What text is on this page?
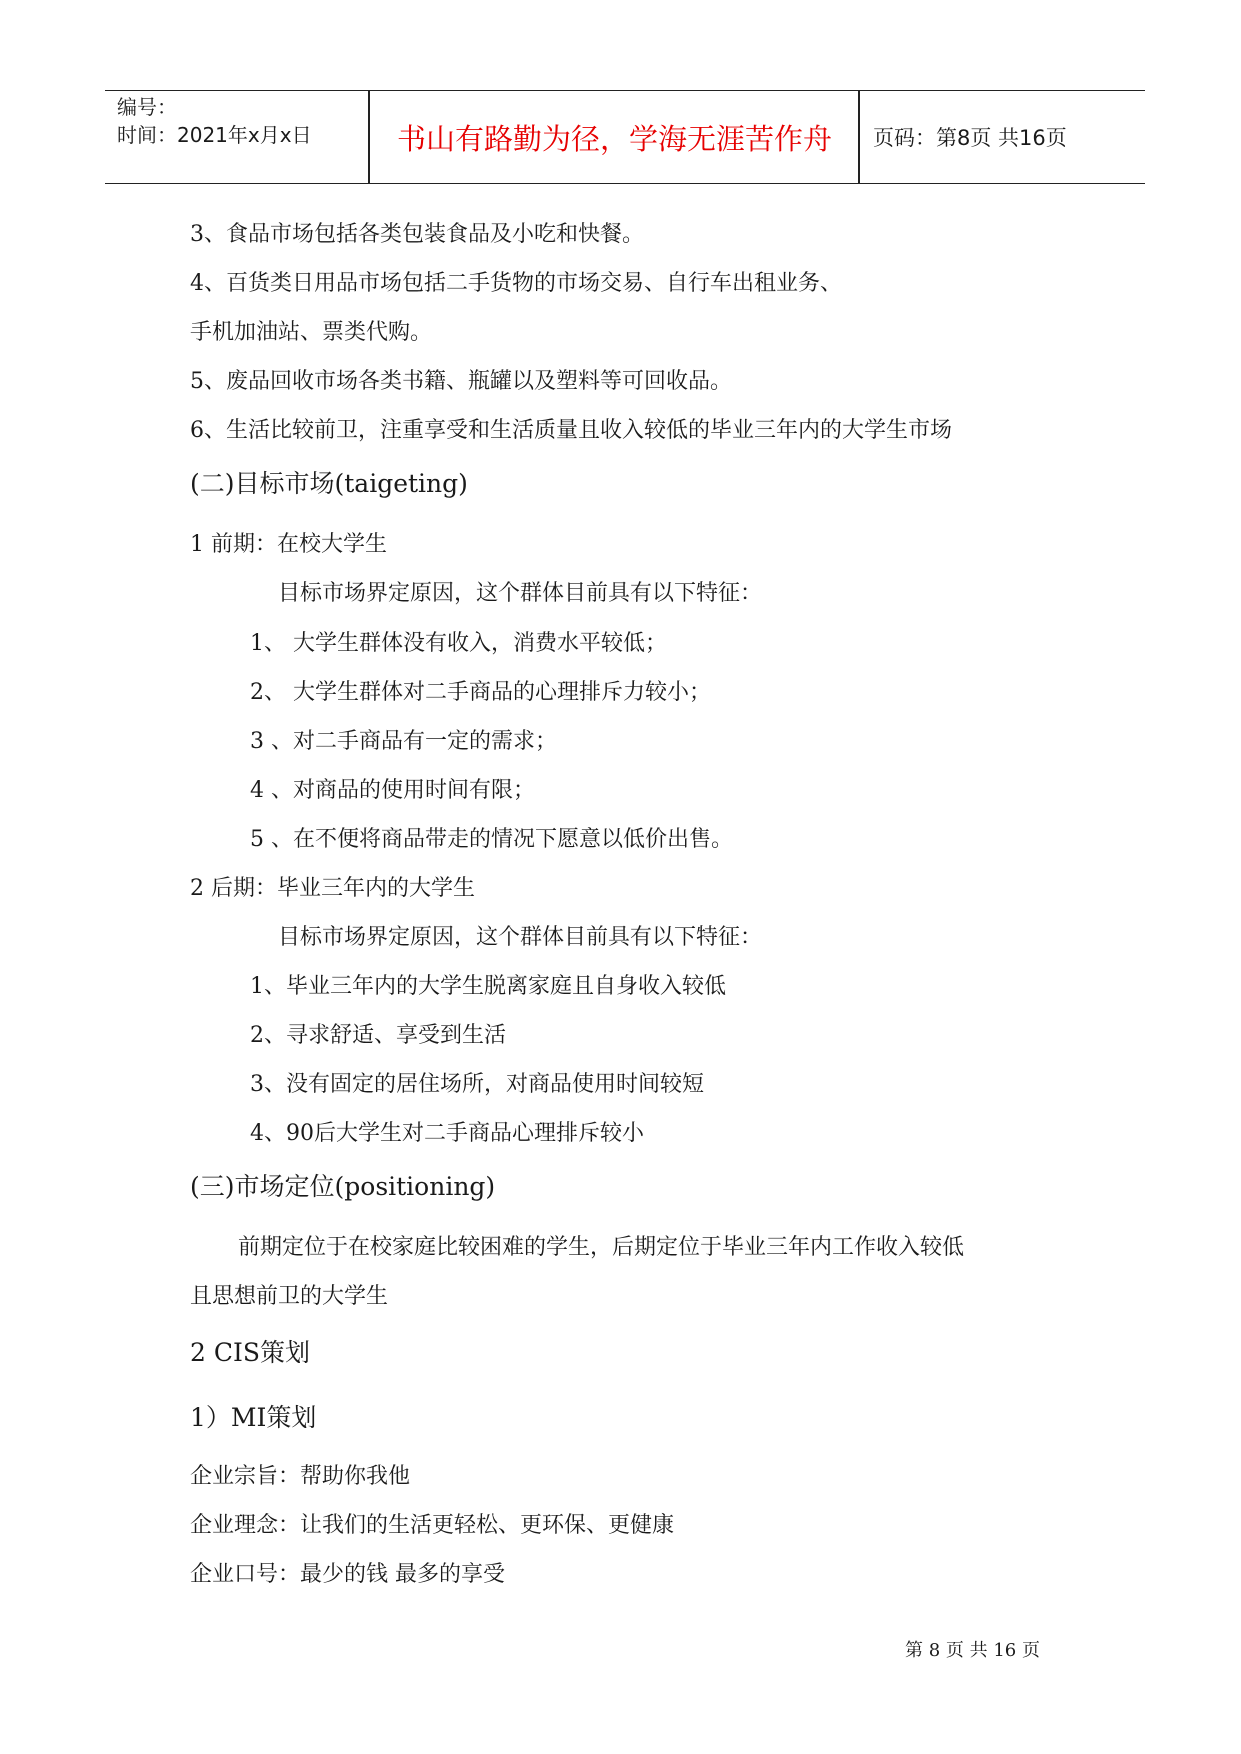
编号：
时间：2021年x月x日	书山有路勤为径，学海无涯苦作舟	页码：第8页 共16页
3、食品市场包括各类包装食品及小吃和快餐。
4、百货类日用品市场包括二手货物的市场交易、自行车出租业务、
手机加油站、票类代购。
5、废品回收市场各类书籍、瓶罐以及塑料等可回收品。
6、生活比较前卫，注重享受和生活质量且收入较低的毕业三年内的大学生市场
(二)目标市场(taigeting)
1 前期：在校大学生
目标市场界定原因，这个群体目前具有以下特征：
1、 大学生群体没有收入，消费水平较低；
2、 大学生群体对二手商品的心理排斥力较小；
3 、对二手商品有一定的需求；
4 、对商品的使用时间有限；
5 、在不便将商品带走的情况下愿意以低价出售。
2 后期：毕业三年内的大学生
目标市场界定原因，这个群体目前具有以下特征：
1、毕业三年内的大学生脱离家庭且自身收入较低
2、寻求舒适、享受到生活
3、没有固定的居住场所，对商品使用时间较短
4、90后大学生对二手商品心理排斥较小
(三)市场定位(positioning)
前期定位于在校家庭比较困难的学生，后期定位于毕业三年内工作收入较低
且思想前卫的大学生
2 CIS策划
1）MI策划
企业宗旨：帮助你我他
企业理念：让我们的生活更轻松、更环保、更健康
企业口号：最少的钱 最多的享受
第 8 页 共 16 页
